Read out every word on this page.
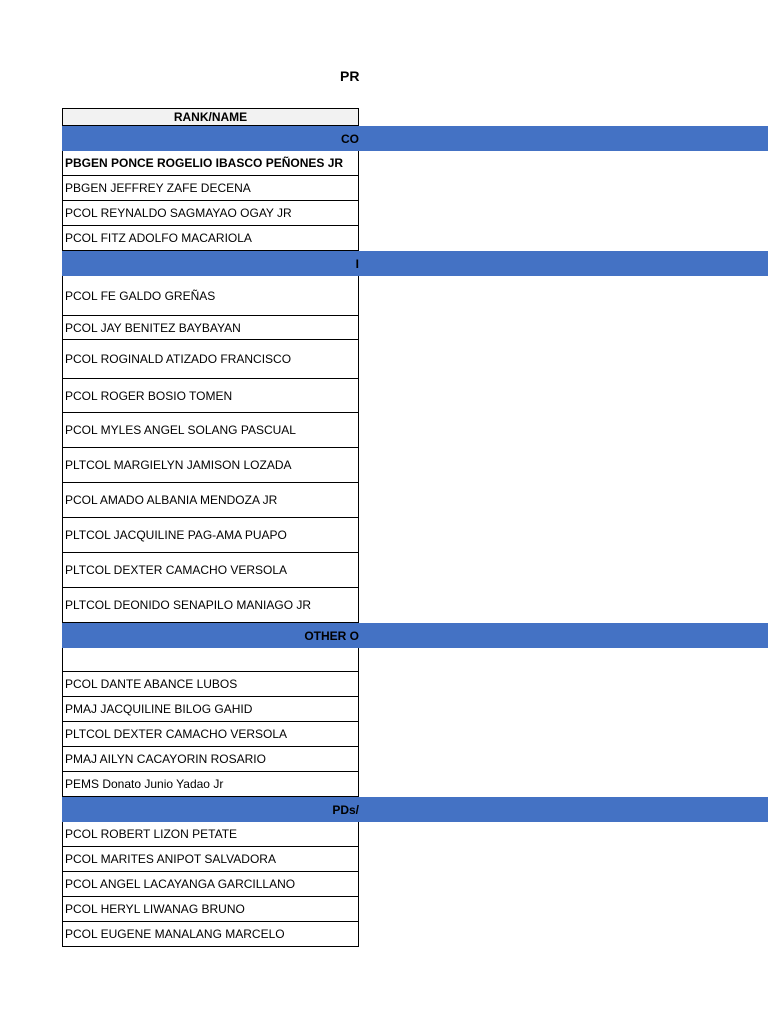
PR
RANK/NAME
CO
PBGEN PONCE ROGELIO IBASCO PEÑONES JR
PBGEN JEFFREY ZAFE DECENA
PCOL REYNALDO SAGMAYAO OGAY JR
PCOL FITZ ADOLFO MACARIOLA
I
PCOL FE GALDO GREÑAS
PCOL JAY BENITEZ BAYBAYAN
PCOL ROGINALD ATIZADO FRANCISCO
PCOL ROGER BOSIO TOMEN
PCOL MYLES ANGEL SOLANG PASCUAL
PLTCOL MARGIELYN JAMISON LOZADA
PCOL AMADO ALBANIA MENDOZA JR
PLTCOL JACQUILINE PAG-AMA PUAPO
PLTCOL DEXTER CAMACHO VERSOLA
PLTCOL DEONIDO SENAPILO MANIAGO JR
OTHER O
PCOL DANTE ABANCE LUBOS
PMAJ JACQUILINE BILOG GAHID
PLTCOL DEXTER CAMACHO VERSOLA
PMAJ AILYN CACAYORIN ROSARIO
PEMS Donato Junio Yadao Jr
PDs/
PCOL ROBERT LIZON PETATE
PCOL MARITES ANIPOT SALVADORA
PCOL ANGEL LACAYANGA GARCILLANO
PCOL HERYL LIWANAG BRUNO
PCOL EUGENE MANALANG MARCELO
